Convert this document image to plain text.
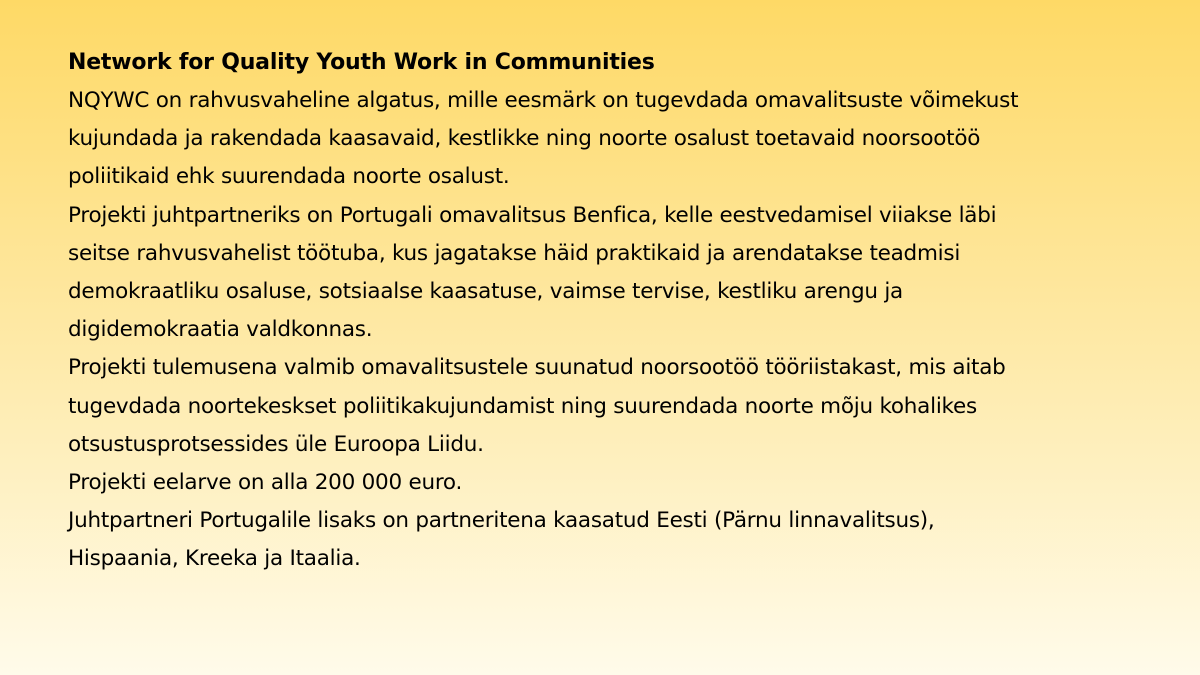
Network for Quality Youth Work in Communities

NQYWC on rahvusvaheline algatus, mille eesmärk on tugevdada omavalitsuste võimekust
kujundada ja rakendada kaasavaid, kestlikke ning noorte osalust toetavaid noorsootöö
poliitikaid ehk suurendada noorte osalust.

Projekti juhtpartneriks on Portugali omavalitsus Benfica, kelle eestvedamisel viiakse läbi
seitse rahvusvahelist töötuba, kus jagatakse häid praktikaid ja arendatakse teadmisi
demokraatliku osaluse, sotsiaalse kaasatuse, vaimse tervise, kestliku arengu ja
digidemokraatia valdkonnas.

Projekti tulemusena valmib omavalitsustele suunatud noorsootöö tööriistakast, mis aitab
tugevdada noortekeskset poliitikakujundamist ning suurendada noorte mõju kohalikes
otsustusprotsessides üle Euroopa Liidu.

Projekti eelarve on alla 200 000 euro.

Juhtpartneri Portugalile lisaks on partneritena kaasatud Eesti (Pärnu linnavalitsus),
Hispaania, Kreeka ja Itaalia.
